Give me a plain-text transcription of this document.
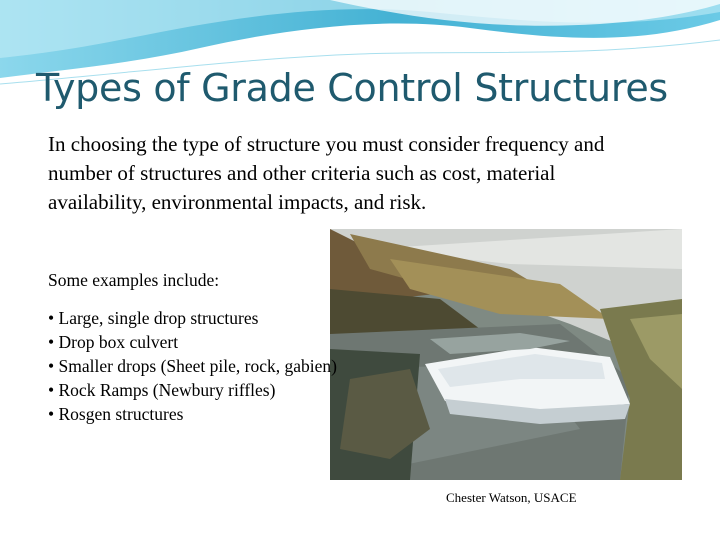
Types of Grade Control Structures

In choosing the type of structure you must consider frequency and number of structures and other criteria such as cost, material availability, environmental impacts, and risk.

Some examples include:

• Large, single drop structures
• Drop box culvert
• Smaller drops (Sheet pile, rock, gabien)
• Rock Ramps (Newbury riffles)
• Rosgen structures

Chester Watson, USACE
